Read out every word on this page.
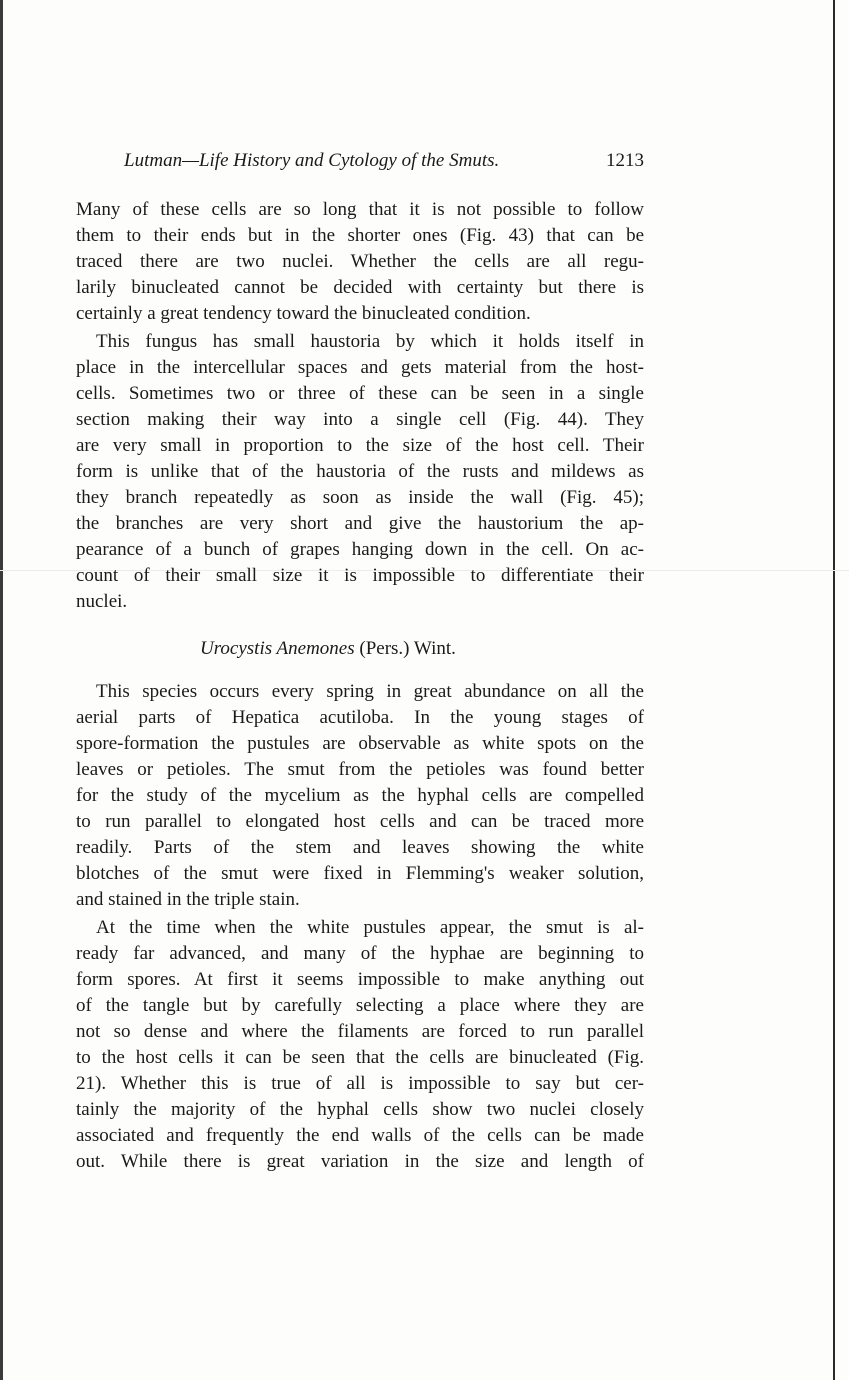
Lutman—Life History and Cytology of the Smuts.	1213
Many of these cells are so long that it is not possible to follow
them to their ends but in the shorter ones (Fig. 43) that can be
traced there are two nuclei. Whether the cells are all regu-
larily binucleated cannot be decided with certainty but there is
certainly a great tendency toward the binucleated condition.
This fungus has small haustoria by which it holds itself in
place in the intercellular spaces and gets material from the host-
cells. Sometimes two or three of these can be seen in a single
section making their way into a single cell (Fig. 44). They
are very small in proportion to the size of the host cell. Their
form is unlike that of the haustoria of the rusts and mildews as
they branch repeatedly as soon as inside the wall (Fig. 45);
the branches are very short and give the haustorium the ap-
pearance of a bunch of grapes hanging down in the cell. On ac-
count of their small size it is impossible to differentiate their
nuclei.
Urocystis Anemones (Pers.) Wint.
This species occurs every spring in great abundance on all the
aerial parts of Hepatica acutiloba. In the young stages of
spore-formation the pustules are observable as white spots on the
leaves or petioles. The smut from the petioles was found better
for the study of the mycelium as the hyphal cells are compelled
to run parallel to elongated host cells and can be traced more
readily. Parts of the stem and leaves showing the white
blotches of the smut were fixed in Flemming's weaker solution,
and stained in the triple stain.
At the time when the white pustules appear, the smut is al-
ready far advanced, and many of the hyphae are beginning to
form spores. At first it seems impossible to make anything out
of the tangle but by carefully selecting a place where they are
not so dense and where the filaments are forced to run parallel
to the host cells it can be seen that the cells are binucleated (Fig.
21). Whether this is true of all is impossible to say but cer-
tainly the majority of the hyphal cells show two nuclei closely
associated and frequently the end walls of the cells can be made
out. While there is great variation in the size and length of
